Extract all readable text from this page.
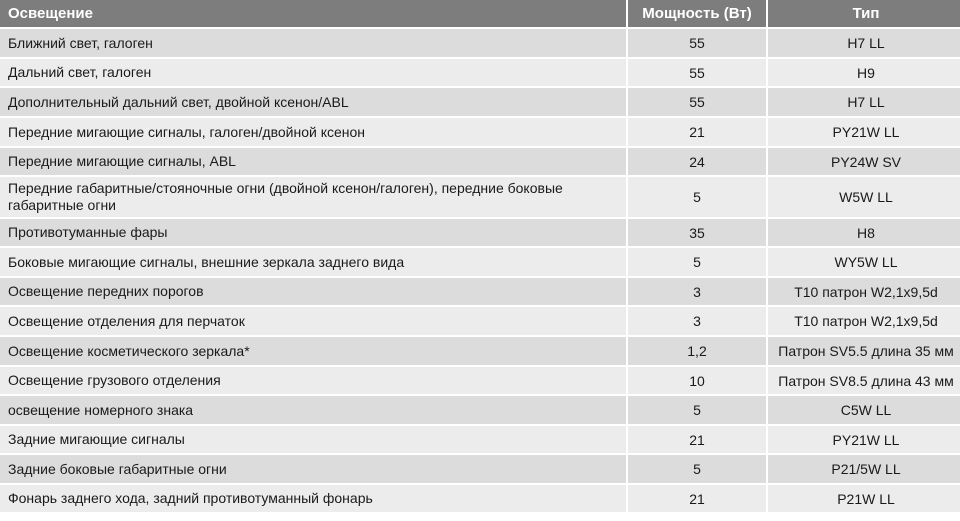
Освещение	Мощность (Вт)	Тип
Ближний свет, галоген	55	H7 LL
Дальний свет, галоген	55	H9
Дополнительный дальний свет, двойной ксенон/ABL	55	H7 LL
Передние мигающие сигналы, галоген/двойной ксенон	21	PY21W LL
Передние мигающие сигналы, ABL	24	PY24W SV
Передние габаритные/стояночные огни (двойной ксенон/галоген), передние боковые габаритные огни	5	W5W LL
Противотуманные фары	35	H8
Боковые мигающие сигналы, внешние зеркала заднего вида	5	WY5W LL
Освещение передних порогов	3	T10 патрон W2,1x9,5d
Освещение отделения для перчаток	3	T10 патрон W2,1x9,5d
Освещение косметического зеркала*	1,2	Патрон SV5.5 длина 35 мм
Освещение грузового отделения	10	Патрон SV8.5 длина 43 мм
освещение номерного знака	5	C5W LL
Задние мигающие сигналы	21	PY21W LL
Задние боковые габаритные огни	5	P21/5W LL
Фонарь заднего хода, задний противотуманный фонарь	21	P21W LL
